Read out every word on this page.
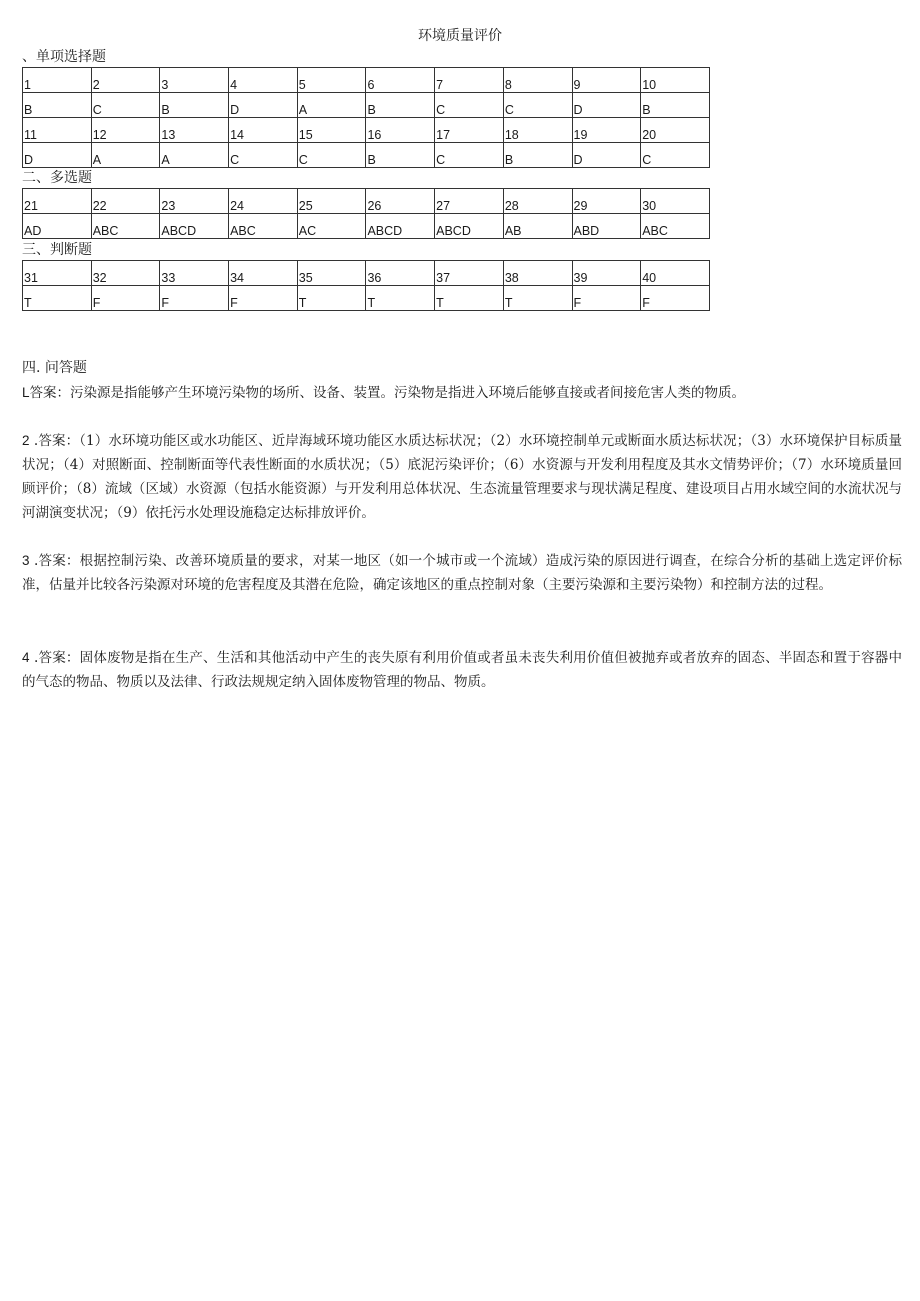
环境质量评价
、单项选择题
1	2	3	4	5	6	7	8	9	10
B	C	B	D	A	B	C	C	D	B
11	12	13	14	15	16	17	18	19	20
D	A	A	C	C	B	C	B	D	C
二、多选题
21	22	23	24	25	26	27	28	29	30
AD	ABC	ABCD	ABC	AC	ABCD	ABCD	AB	ABD	ABC
三、判断题
31	32	33	34	35	36	37	38	39	40
T	F	F	F	T	T	T	T	F	F
四. 问答题
L答案：污染源是指能够产生环境污染物的场所、设备、装置。污染物是指进入环境后能够直接或者间接危害人类的物质。
2 .答案：（1）水环境功能区或水功能区、近岸海域环境功能区水质达标状况；（2）水环境控制单元或断面水质达标状况；（3）水环境保护目标质量状况；（4）对照断面、控制断面等代表性断面的水质状况；（5）底泥污染评价；（6）水资源与开发利用程度及其水文情势评价；（7）水环境质量回顾评价；（8）流域（区域）水资源（包括水能资源）与开发利用总体状况、生态流量管理要求与现状满足程度、建设项目占用水域空间的水流状况与河湖演变状况；（9）依托污水处理设施稳定达标排放评价。
3 .答案：根据控制污染、改善环境质量的要求，对某一地区（如一个城市或一个流域）造成污染的原因进行调查，在综合分析的基础上选定评价标准，估量并比较各污染源对环境的危害程度及其潜在危险，确定该地区的重点控制对象（主要污染源和主要污染物）和控制方法的过程。
4 .答案：固体废物是指在生产、生活和其他活动中产生的丧失原有利用价值或者虽未丧失利用价值但被抛弃或者放弃的固态、半固态和置于容器中的气态的物品、物质以及法律、行政法规规定纳入固体废物管理的物品、物质。
